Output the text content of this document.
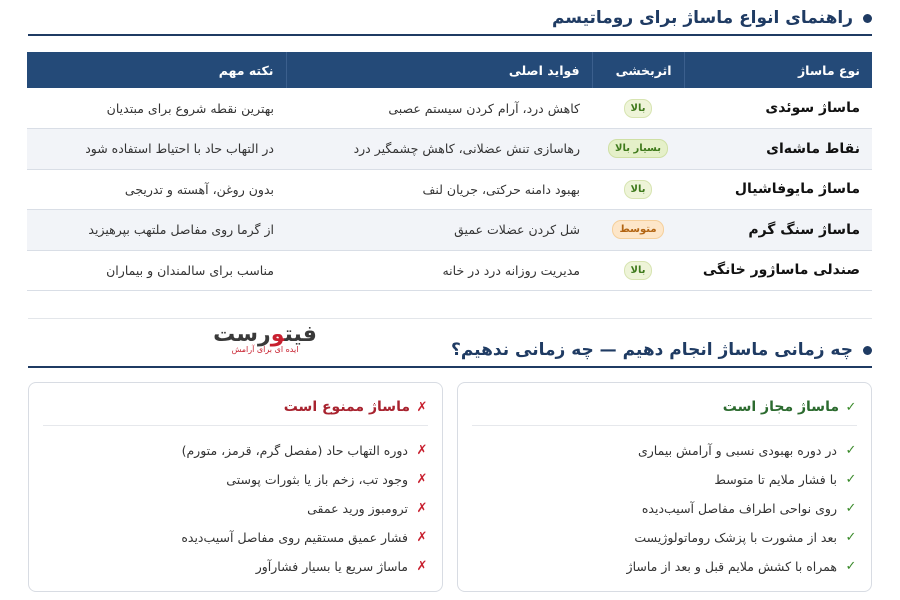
راهنمای انواع ماساژ برای روماتیسم
نوع ماساژ	اثربخشی	فواید اصلی	نکته مهم
ماساژ سوئدی	بالا	کاهش درد، آرام کردن سیستم عصبی	بهترین نقطه شروع برای مبتدیان
نقاط ماشه‌ای	بسیار بالا	رهاسازی تنش عضلانی، کاهش چشمگیر درد	در التهاب حاد با احتیاط استفاده شود
ماساژ مایوفاشیال	بالا	بهبود دامنه حرکتی، جریان لنف	بدون روغن، آهسته و تدریجی
ماساژ سنگ گرم	متوسط	شل کردن عضلات عمیق	از گرما روی مفاصل ملتهب بپرهیزید
صندلی ماساژور خانگی	بالا	مدیریت روزانه درد در خانه	مناسب برای سالمندان و بیماران
فیتورست
ایده ای برای آرامش	چه زمانی ماساژ انجام دهیم — چه زمانی ندهیم؟
✓
ماساژ مجاز است
✓
در دوره بهبودی نسبی و آرامش بیماری
✓
با فشار ملایم تا متوسط
✓
روی نواحی اطراف مفاصل آسیب‌دیده
✓
بعد از مشورت با پزشک روماتولوژیست
✓
همراه با کشش ملایم قبل و بعد از ماساژ
✗
ماساژ ممنوع است
✗
دوره التهاب حاد (مفصل گرم، قرمز، متورم)
✗
وجود تب، زخم باز یا بثورات پوستی
✗
ترومبوز ورید عمقی
✗
فشار عمیق مستقیم روی مفاصل آسیب‌دیده
✗
ماساژ سریع یا بسیار فشارآور
